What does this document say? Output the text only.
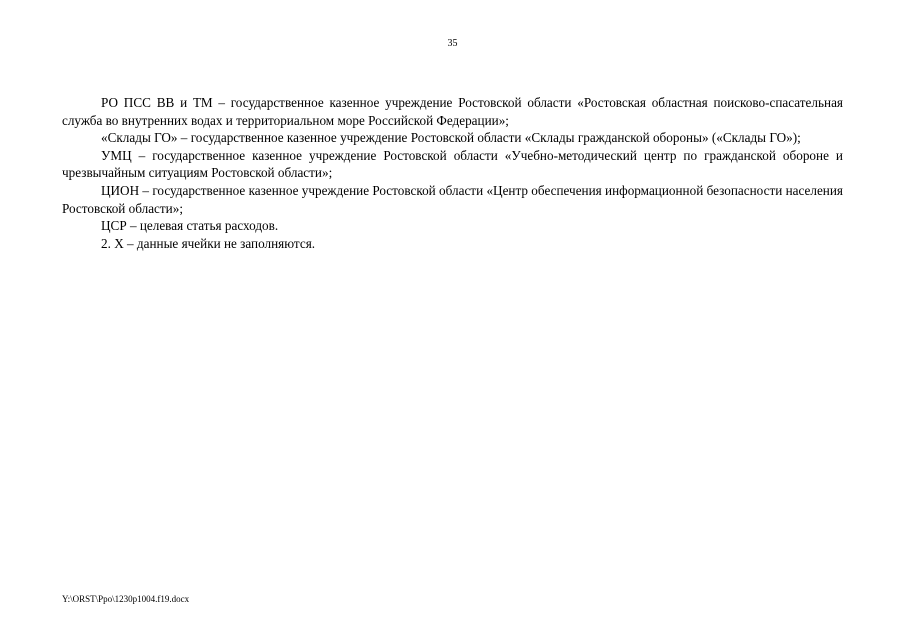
35

РО ПСС ВВ и ТМ – государственное казенное учреждение Ростовской области «Ростовская областная поисково-спасательная служба во внутренних водах и территориальном море Российской Федерации»;

«Склады ГО» – государственное казенное учреждение Ростовской области «Склады гражданской обороны» («Склады ГО»);

УМЦ – государственное казенное учреждение Ростовской области «Учебно-методический центр по гражданской обороне и чрезвычайным ситуациям Ростовской области»;

ЦИОН – государственное казенное учреждение Ростовской области «Центр обеспечения информационной безопасности населения Ростовской области»;

ЦСР – целевая статья расходов.

2. Х – данные ячейки не заполняются.

Y:\ORST\Ppo\1230p1004.f19.docx
